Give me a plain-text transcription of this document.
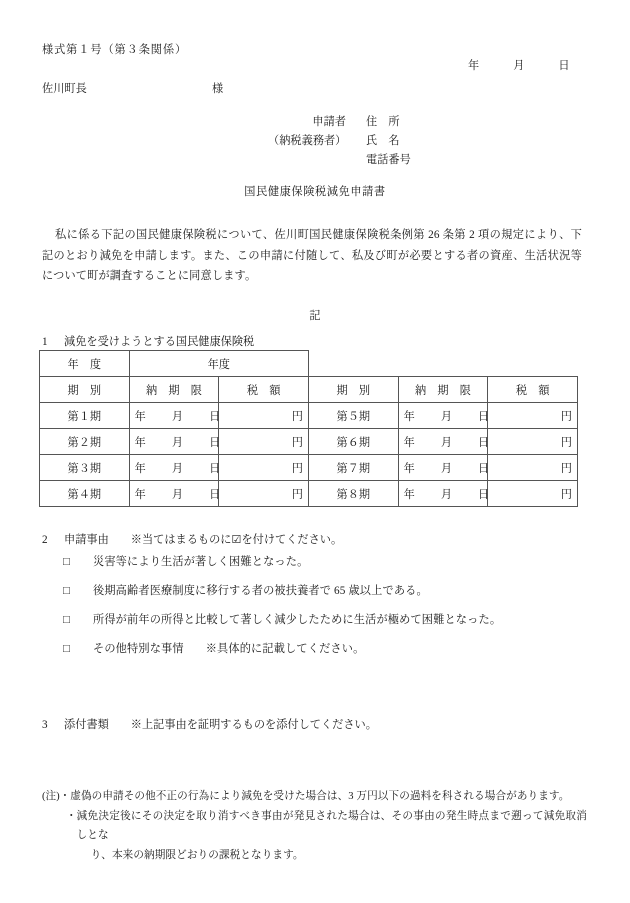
様式第１号（第３条関係）
年	月	日
佐川町長	様
申請者	住　所
（納税義務者）	氏　名
電話番号
国民健康保険税減免申請書
私に係る下記の国民健康保険税について、佐川町国民健康保険税条例第 26 条第 2 項の規定により、下記のとおり減免を申請します。また、この申請に付随して、私及び町が必要とする者の資産、生活状況等について町が調査することに同意します。
記
1 減免を受けようとする国民健康保険税
年　度	年度				
期　別	納　期　限	税　額	期　別	納　期　限	税　額
第１期	年 月 日	円	第５期	年 月 日	円
第２期	年 月 日	円	第６期	年 月 日	円
第３期	年 月 日	円	第７期	年 月 日	円
第４期	年 月 日	円	第８期	年 月 日	円
2 申請事由 ※当てはまるものに☑を付けてください。
□	災害等により生活が著しく困難となった。
□	後期高齢者医療制度に移行する者の被扶養者で 65 歳以上である。
□	所得が前年の所得と比較して著しく減少したために生活が極めて困難となった。
□	その他特別な事情	※具体的に記載してください。
3 添付書類 ※上記事由を証明するものを添付してください。
(注)・ 虚偽の申請その他不正の行為により減免を受けた場合は、3 万円以下の過料を科される場合があります。
・ 減免決定後にその決定を取り消すべき事由が発見された場合は、その事由の発生時点まで遡って減免取消しとな
り、本来の納期限どおりの課税となります。
